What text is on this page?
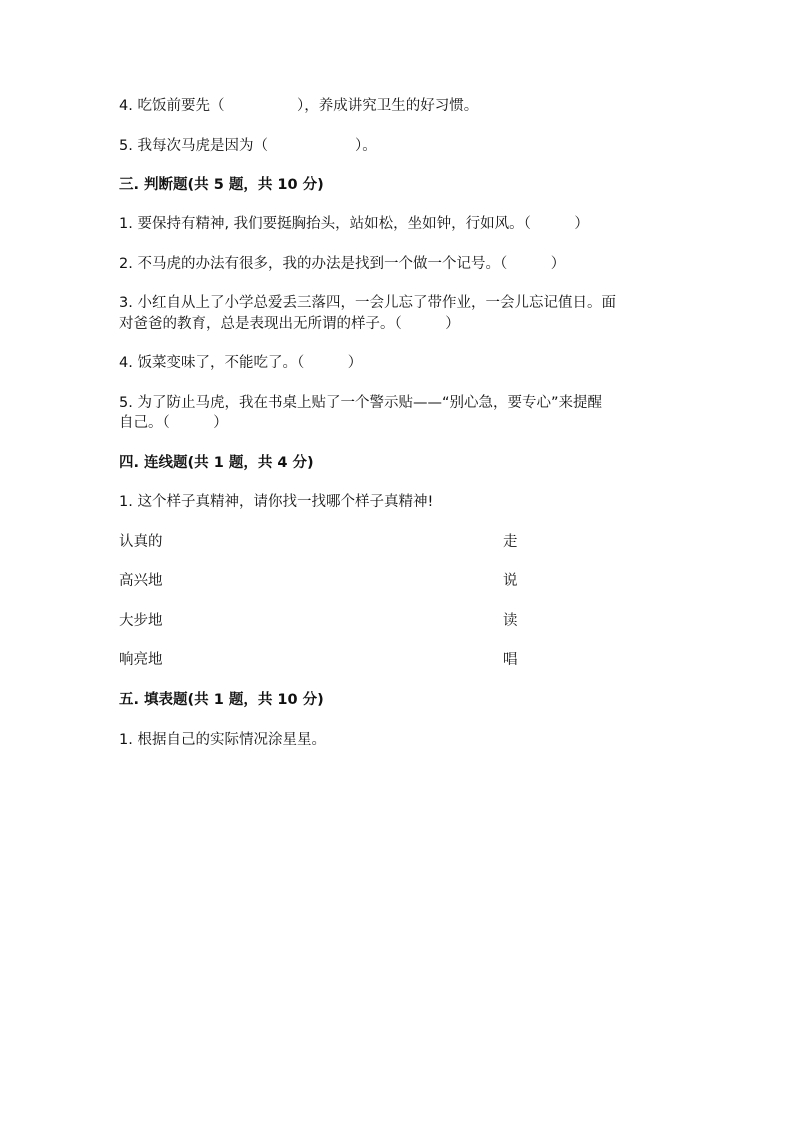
4. 吃饭前要先（　　　　　），养成讲究卫生的好习惯。
5. 我每次马虎是因为（　　　　　　）。
三. 判断题(共 5 题，共 10 分)
1. 要保持有精神, 我们要挺胸抬头，站如松，坐如钟，行如风。（　　　）
2. 不马虎的办法有很多，我的办法是找到一个做一个记号。（　　　）
3. 小红自从上了小学总爱丢三落四，一会儿忘了带作业，一会儿忘记值日。面
对爸爸的教育，总是表现出无所谓的样子。（　　　）
4. 饭菜变味了，不能吃了。（　　　）
5. 为了防止马虎，我在书桌上贴了一个警示贴——“别心急，要专心”来提醒
自己。（　　　）
四. 连线题(共 1 题，共 4 分)
1. 这个样子真精神，请你找一找哪个样子真精神!
认真的	走
高兴地	说
大步地	读
响亮地	唱
五. 填表题(共 1 题，共 10 分)
1. 根据自己的实际情况涂星星。
